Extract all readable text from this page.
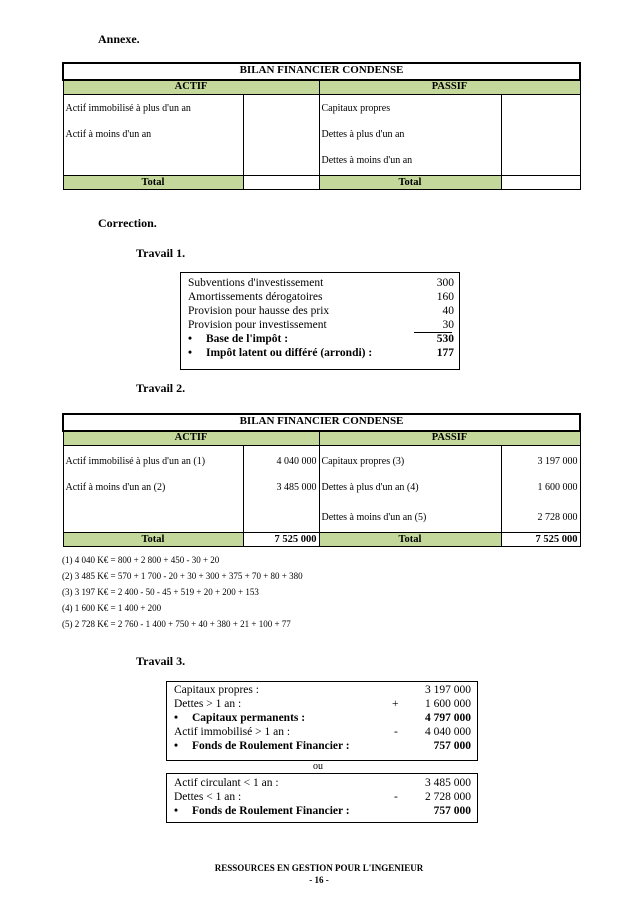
Annexe.
BILAN FINANCIER CONDENSE			
ACTIF		PASSIF	
Actif immobilisé à plus d'un an		Capitaux propres	
Actif à moins d'un an		Dettes à plus d'un an	
		Dettes à moins d'un an	
Total		Total	
Correction.
Travail 1.
Subventions d'investissement	300
Amortissements dérogatoires	160
Provision pour hausse des prix	40
Provision pour investissement	30
• Base de l'impôt :	530
• Impôt latent ou différé (arrondi) :	177
Travail 2.
BILAN FINANCIER CONDENSE			
ACTIF		PASSIF	
Actif immobilisé à plus d'un an (1)	4 040 000	Capitaux propres (3)	3 197 000
Actif à moins d'un an (2)	3 485 000	Dettes à plus d'un an (4)	1 600 000
		Dettes à moins d'un an (5)	2 728 000
Total	7 525 000	Total	7 525 000
(1) 4 040 K€ = 800 + 2 800 + 450 - 30 + 20
(2) 3 485 K€ = 570 + 1 700 - 20 + 30 + 300 + 375 + 70 + 80 + 380
(3) 3 197 K€ = 2 400 - 50 - 45 + 519 + 20 + 200 + 153
(4) 1 600 K€ = 1 400 + 200
(5) 2 728 K€ = 2 760 - 1 400 + 750 + 40 + 380 + 21 + 100 + 77
Travail 3.
Capitaux propres :	3 197 000
Dettes > 1 an :	+ 1 600 000
• Capitaux permanents :	4 797 000
Actif immobilisé > 1 an :	- 4 040 000
• Fonds de Roulement Financier :	757 000
ou
Actif circulant < 1 an :	3 485 000
Dettes < 1 an :	- 2 728 000
• Fonds de Roulement Financier :	757 000
RESSOURCES EN GESTION POUR L'INGENIEUR
- 16 -
